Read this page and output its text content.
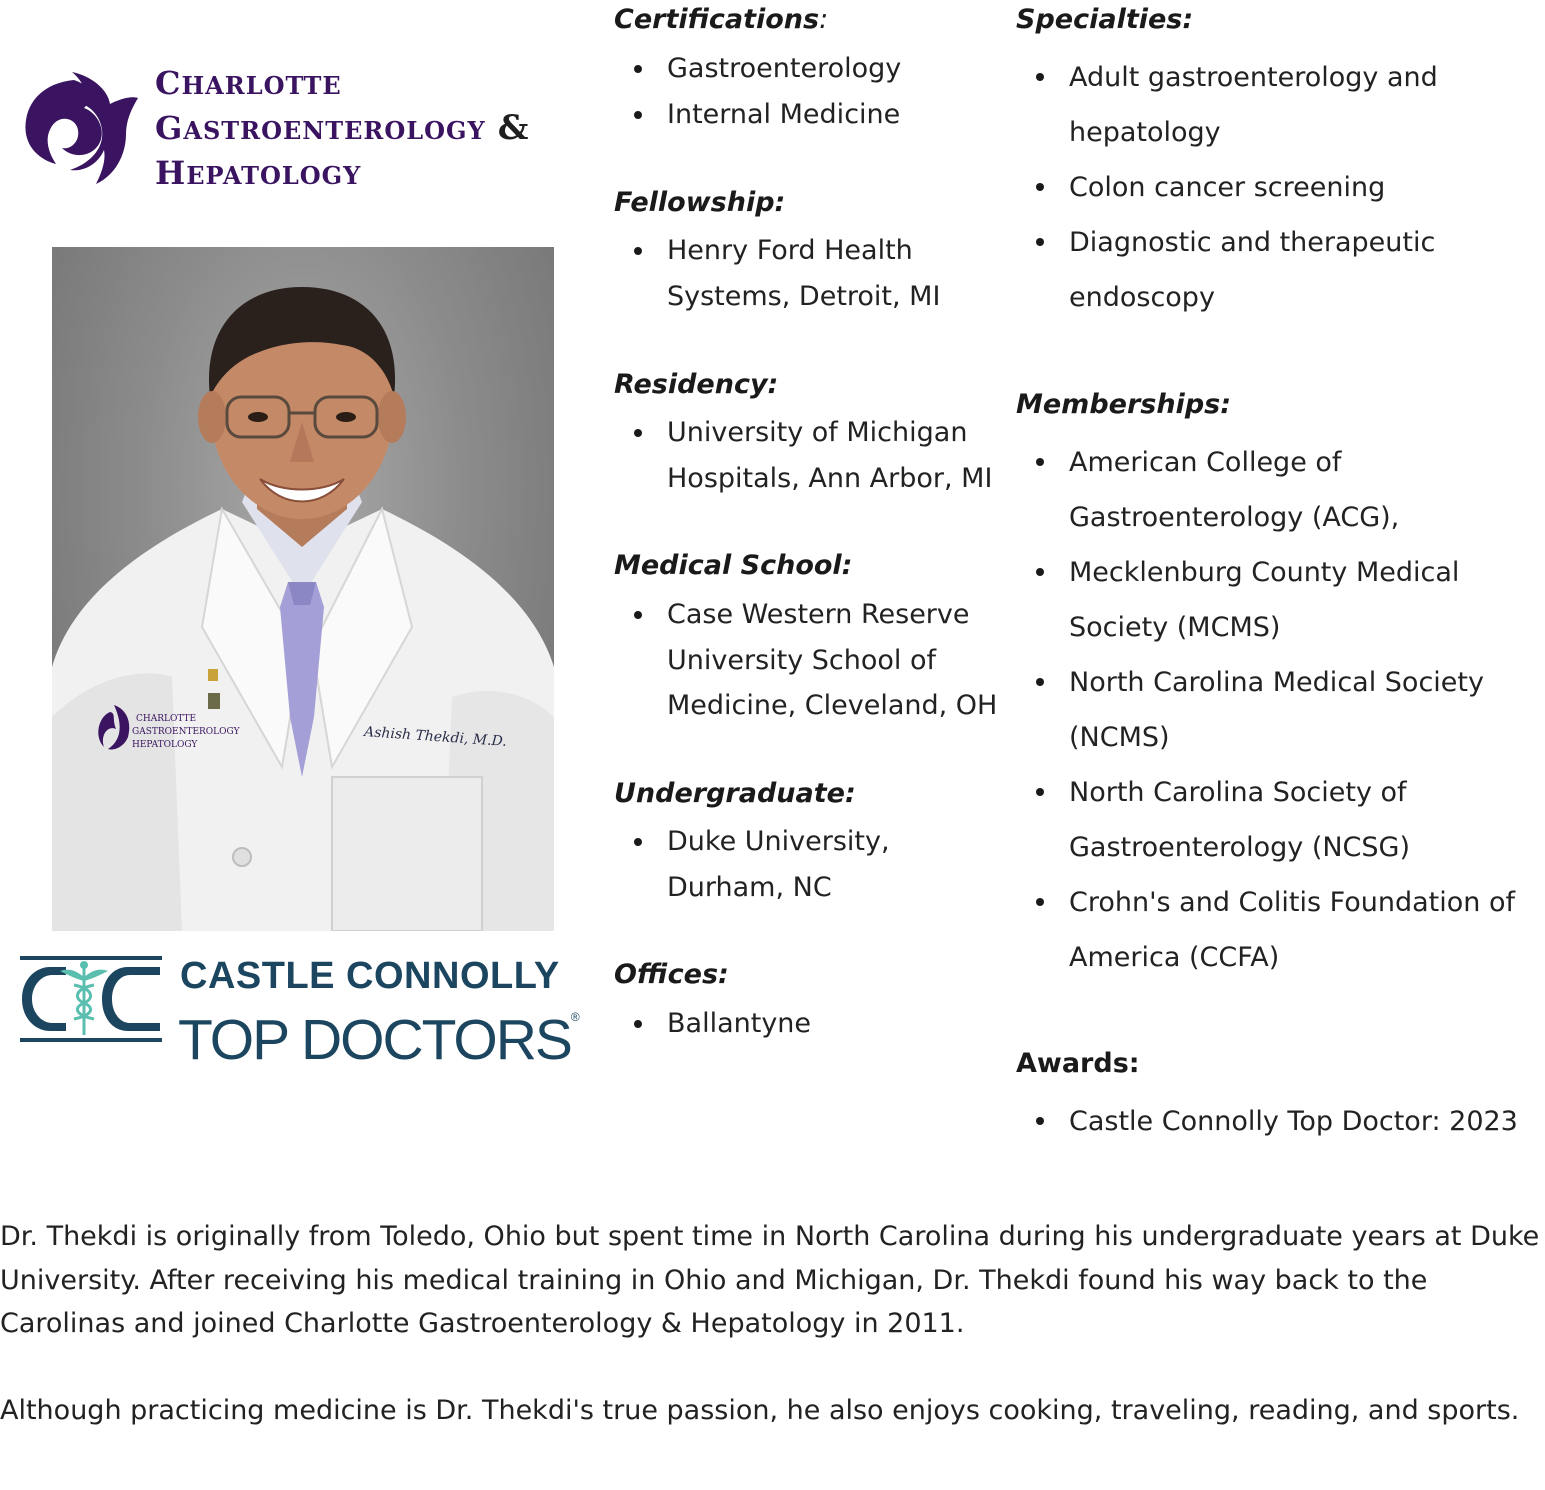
CHARLOTTE
GASTROENTEROLOGY &
HEPATOLOGY
CHARLOTTE
GASTROENTEROLOGY
HEPATOLOGY	Ashish Thekdi, M.D.
CASTLE CONNOLLY
TOP DOCTORS®
Certifications:
Gastroenterology
Internal Medicine
Fellowship:
Henry Ford Health Systems, Detroit, MI
Residency:
University of Michigan Hospitals, Ann Arbor, MI
Medical School:
Case Western Reserve University School of Medicine, Cleveland, OH
Undergraduate:
Duke University, Durham, NC
Offices:
Ballantyne
Specialties:
Adult gastroenterology and hepatology
Colon cancer screening
Diagnostic and therapeutic endoscopy
Memberships:
American College of Gastroenterology (ACG),
Mecklenburg County Medical Society (MCMS)
North Carolina Medical Society (NCMS)
North Carolina Society of Gastroenterology (NCSG)
Crohn's and Colitis Foundation of America (CCFA)
Awards:
Castle Connolly Top Doctor: 2023

Dr. Thekdi is originally from Toledo, Ohio but spent time in North Carolina during his undergraduate years at Duke University. After receiving his medical training in Ohio and Michigan, Dr. Thekdi found his way back to the Carolinas and joined Charlotte Gastroenterology & Hepatology in 2011.

Although practicing medicine is Dr. Thekdi's true passion, he also enjoys cooking, traveling, reading, and sports.
